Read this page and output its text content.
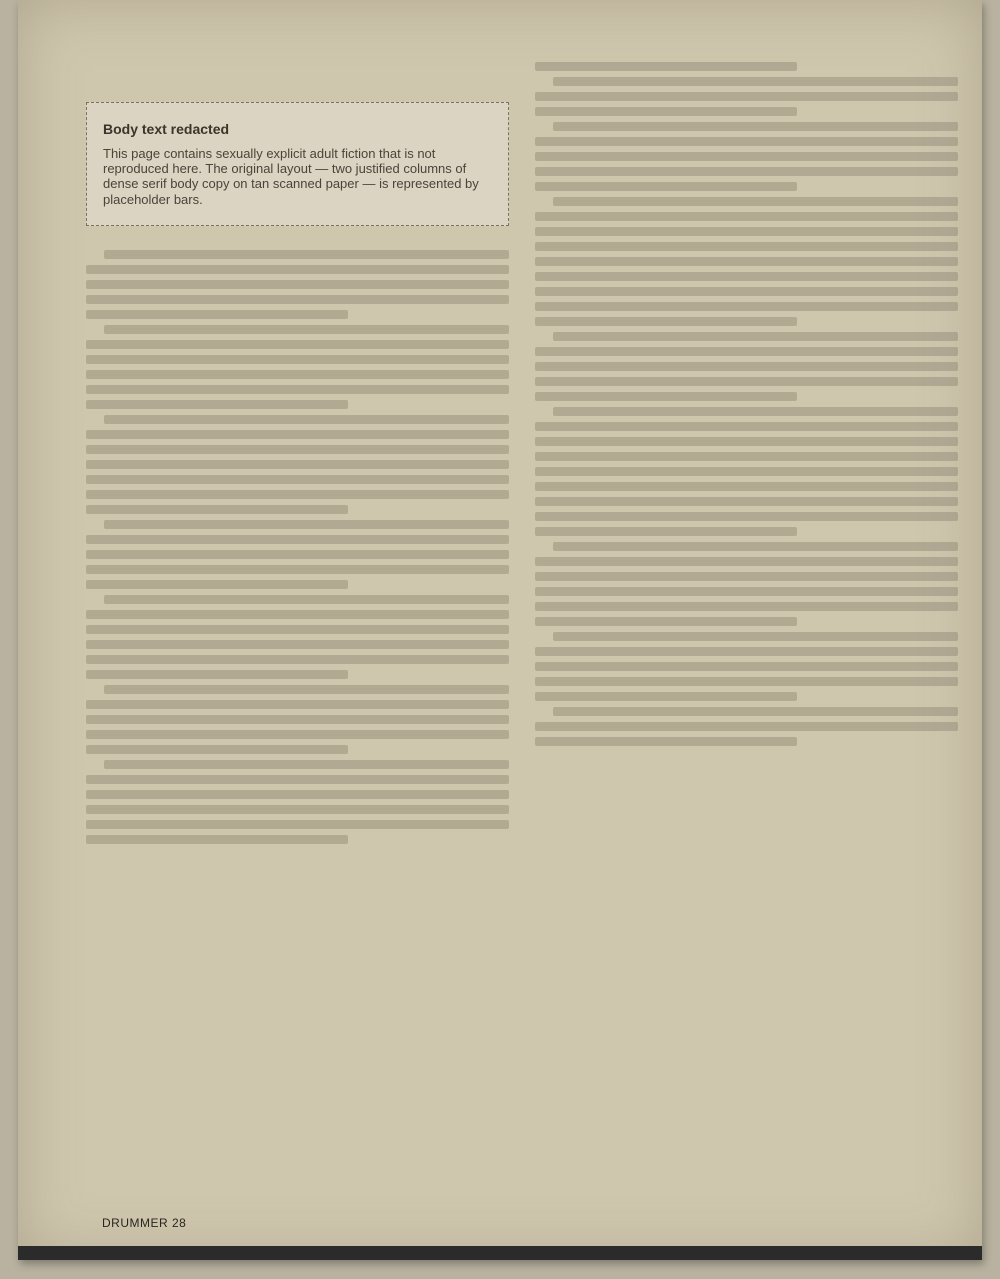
Body text redacted
This page contains sexually explicit adult fiction that is not reproduced here. The original layout — two justified columns of dense serif body copy on tan scanned paper — is represented by placeholder bars.
DRUMMER 28
